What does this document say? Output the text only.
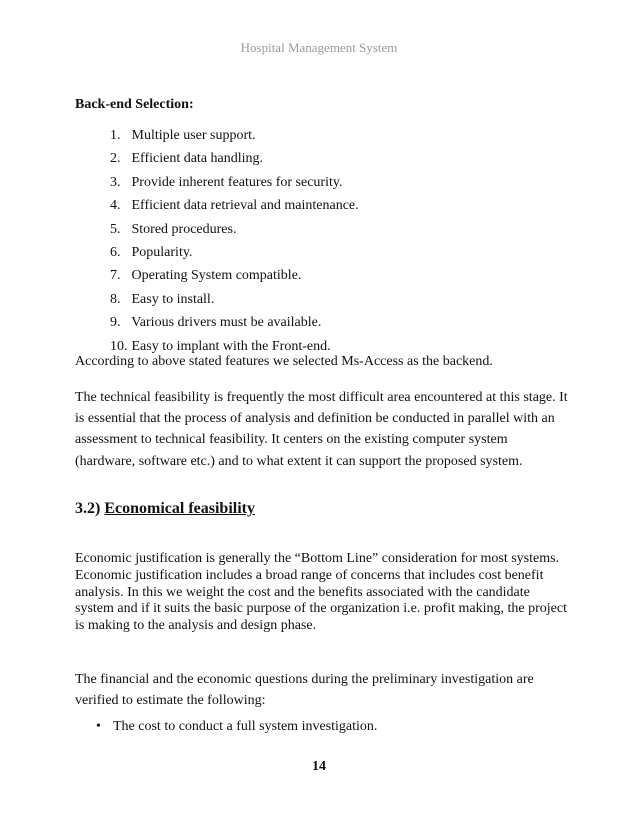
Hospital Management System
Back-end Selection:
1. Multiple user support.
2. Efficient data handling.
3. Provide inherent features for security.
4. Efficient data retrieval and maintenance.
5. Stored procedures.
6. Popularity.
7. Operating System compatible.
8. Easy to install.
9. Various drivers must be available.
10. Easy to implant with the Front-end.

According to above stated features we selected Ms-Access as the backend.

The technical feasibility is frequently the most difficult area encountered at this stage. It
is essential that the process of analysis and definition be conducted in parallel with an
assessment to technical feasibility. It centers on the existing computer system
(hardware, software etc.) and to what extent it can support the proposed system.

3.2) Economical feasibility

Economic justification is generally the “Bottom Line” consideration for most systems.
Economic justification includes a broad range of concerns that includes cost benefit
analysis. In this we weight the cost and the benefits associated with the candidate
system and if it suits the basic purpose of the organization i.e. profit making, the project
is making to the analysis and design phase.

The financial and the economic questions during the preliminary investigation are
verified to estimate the following:

• The cost to conduct a full system investigation.
14
